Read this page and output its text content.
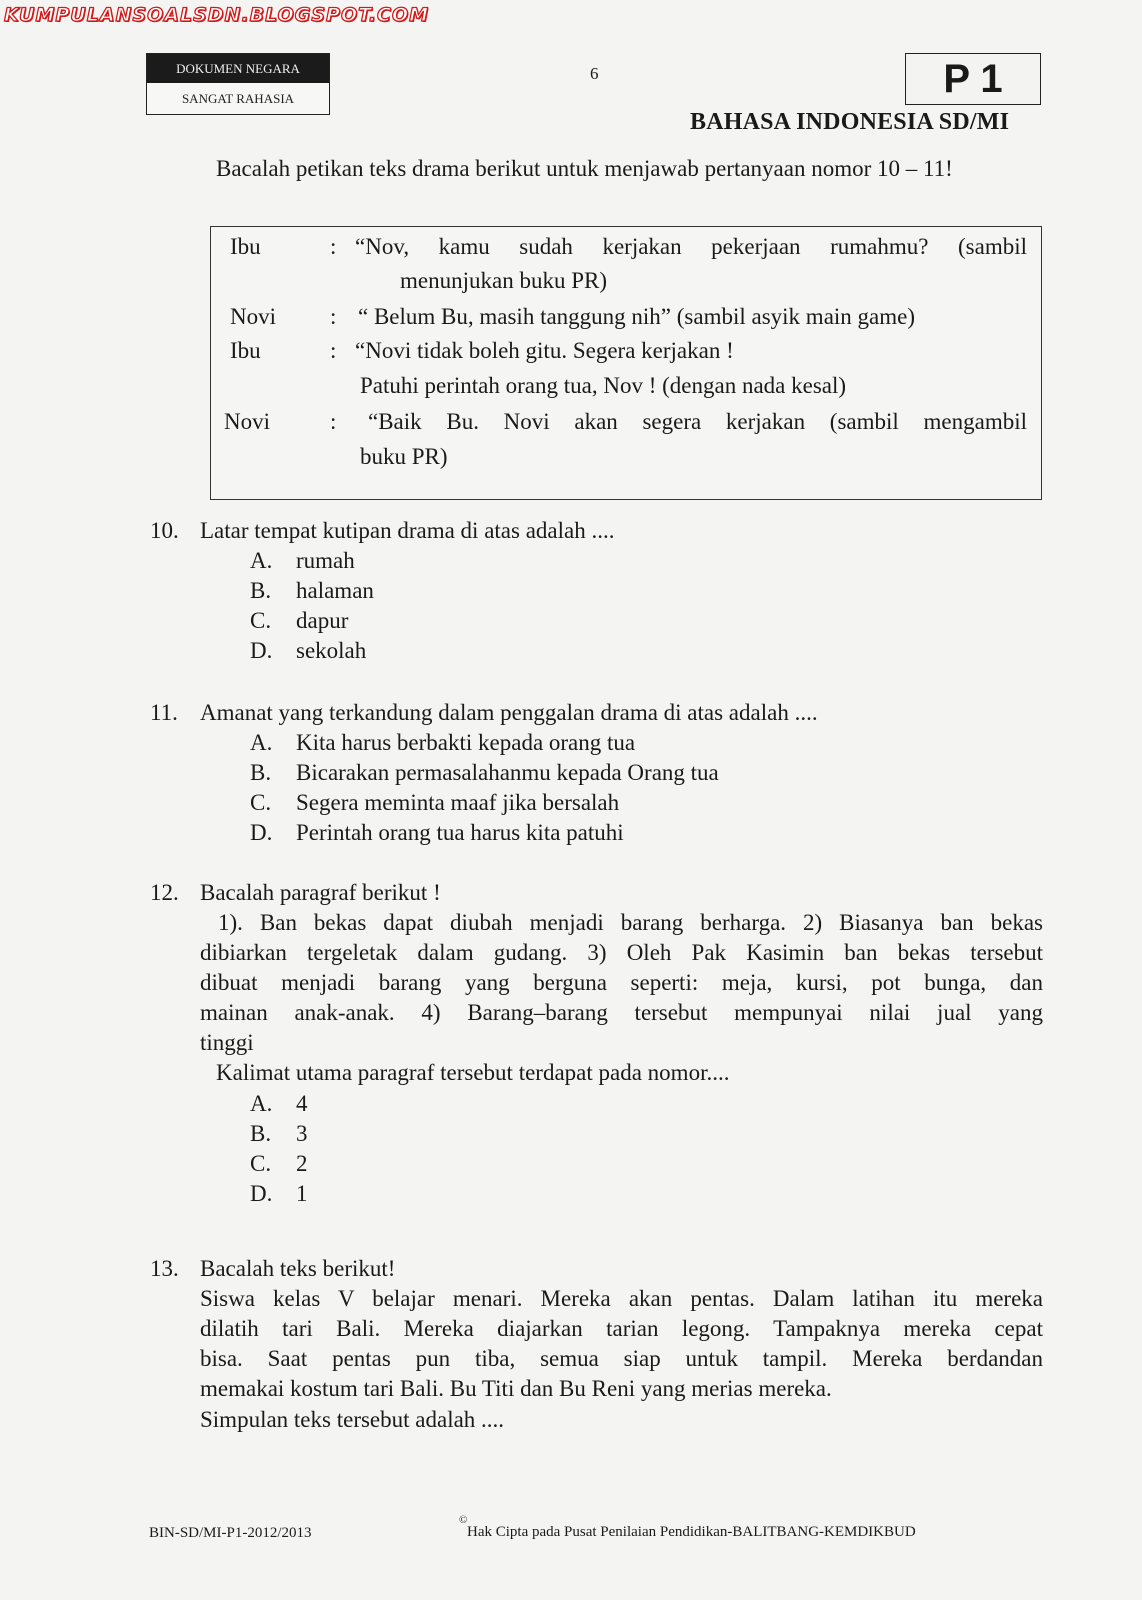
KUMPULANSOALSDN.BLOGSPOT.COM
DOKUMEN NEGARA
SANGAT RAHASIA
6	P 1
BAHASA INDONESIA SD/MI
Bacalah petikan teks drama berikut untuk menjawab pertanyaan nomor 10 – 11!
Ibu	: “Nov, kamu sudah kerjakan pekerjaan rumahmu? (sambil
menunjukan buku PR)
Novi : “ Belum Bu, masih tanggung nih” (sambil asyik main game)
Ibu	: “Novi tidak boleh gitu. Segera kerjakan !
Patuhi perintah orang tua, Nov ! (dengan nada kesal)
Novi	: “Baik Bu. Novi akan segera kerjakan (sambil mengambil
buku PR)
10. Latar tempat kutipan drama di atas adalah ....
A. rumah
B. halaman
C. dapur
D. sekolah
11. Amanat yang terkandung dalam penggalan drama di atas adalah ....
A. Kita harus berbakti kepada orang tua
B. Bicarakan permasalahanmu kepada Orang tua
C. Segera meminta maaf jika bersalah
D. Perintah orang tua harus kita patuhi
12. Bacalah paragraf berikut !
1). Ban bekas dapat diubah menjadi barang berharga. 2) Biasanya ban bekas
dibiarkan tergeletak dalam gudang. 3) Oleh Pak Kasimin ban bekas tersebut
dibuat menjadi barang yang berguna seperti: meja, kursi, pot bunga, dan
mainan anak-anak. 4) Barang–barang tersebut mempunyai nilai jual yang
tinggi
Kalimat utama paragraf tersebut terdapat pada nomor....
A. 4
B. 3
C. 2
D. 1
13. Bacalah teks berikut!
Siswa kelas V belajar menari. Mereka akan pentas. Dalam latihan itu mereka
dilatih tari Bali. Mereka diajarkan tarian legong. Tampaknya mereka cepat
bisa. Saat pentas pun tiba, semua siap untuk tampil. Mereka berdandan
memakai kostum tari Bali. Bu Titi dan Bu Reni yang merias mereka.
Simpulan teks tersebut adalah ....
BIN-SD/MI-P1-2012/2013
©
Hak Cipta pada Pusat Penilaian Pendidikan-BALITBANG-KEMDIKBUD
